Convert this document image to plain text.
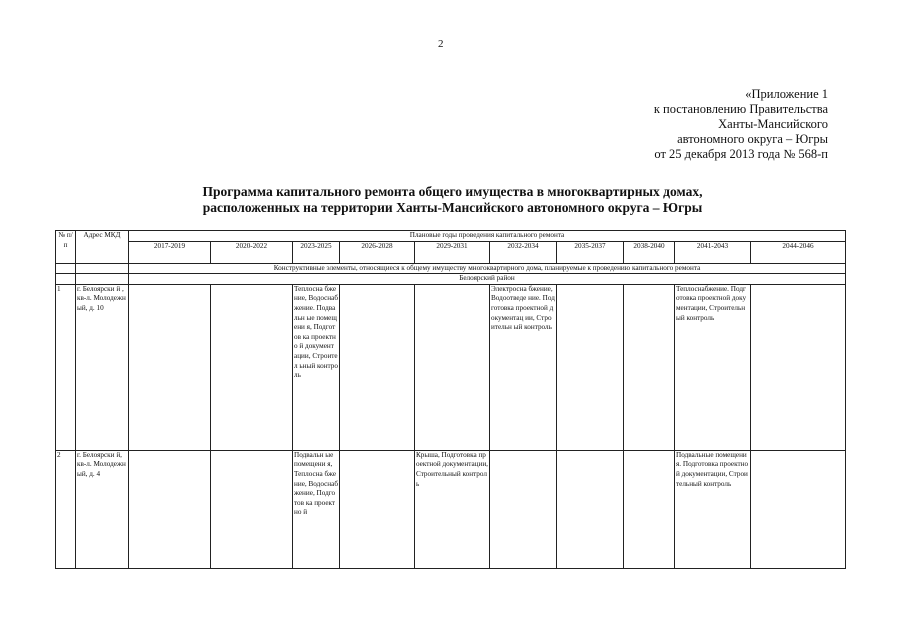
2
«Приложение 1
к постановлению Правительства
Ханты-Мансийского
автономного округа – Югры
от 25 декабря 2013 года № 568-п
Программа капитального ремонта общего имущества в многоквартирных домах,
расположенных на территории Ханты-Мансийского автономного округа – Югры
№ п/ п	Адрес МКД	Плановые годы проведения капитального ремонта									
		2017-2019	2020-2022	2023-2025	2026-2028	2029-2031	2032-2034	2035-2037	2038-2040	2041-2043	2044-2046
		Конструктивные элементы, относящиеся к общему имуществу многоквартирного дома, планируемые к проведению капитального ремонта									
		Белоярский район									
1	г. Белоярски й , кв-л. Молодежн ый, д. 10			Теплосна бжение, Водоснаб жение. Подвальн ые помещени я, Подготов ка проектно й документ ации, Строител ьный контроль			Электросна бжение, Водоотведе ние. Подготовка проектной документац ии, Строительн ый контроль			Теплоснабжение. Подготовка проектной документации, Строительный контроль	
2	г. Белоярски й, кв-л. Молодежн ый, д. 4			Подвальн ые помещени я, Теплосна бжение, Водоснаб жение, Подготов ка проектно й		Крыша, Подготовка проектной документации, Строительный контроль				Подвальные помещения. Подготовка проектной документации, Строительный контроль	
